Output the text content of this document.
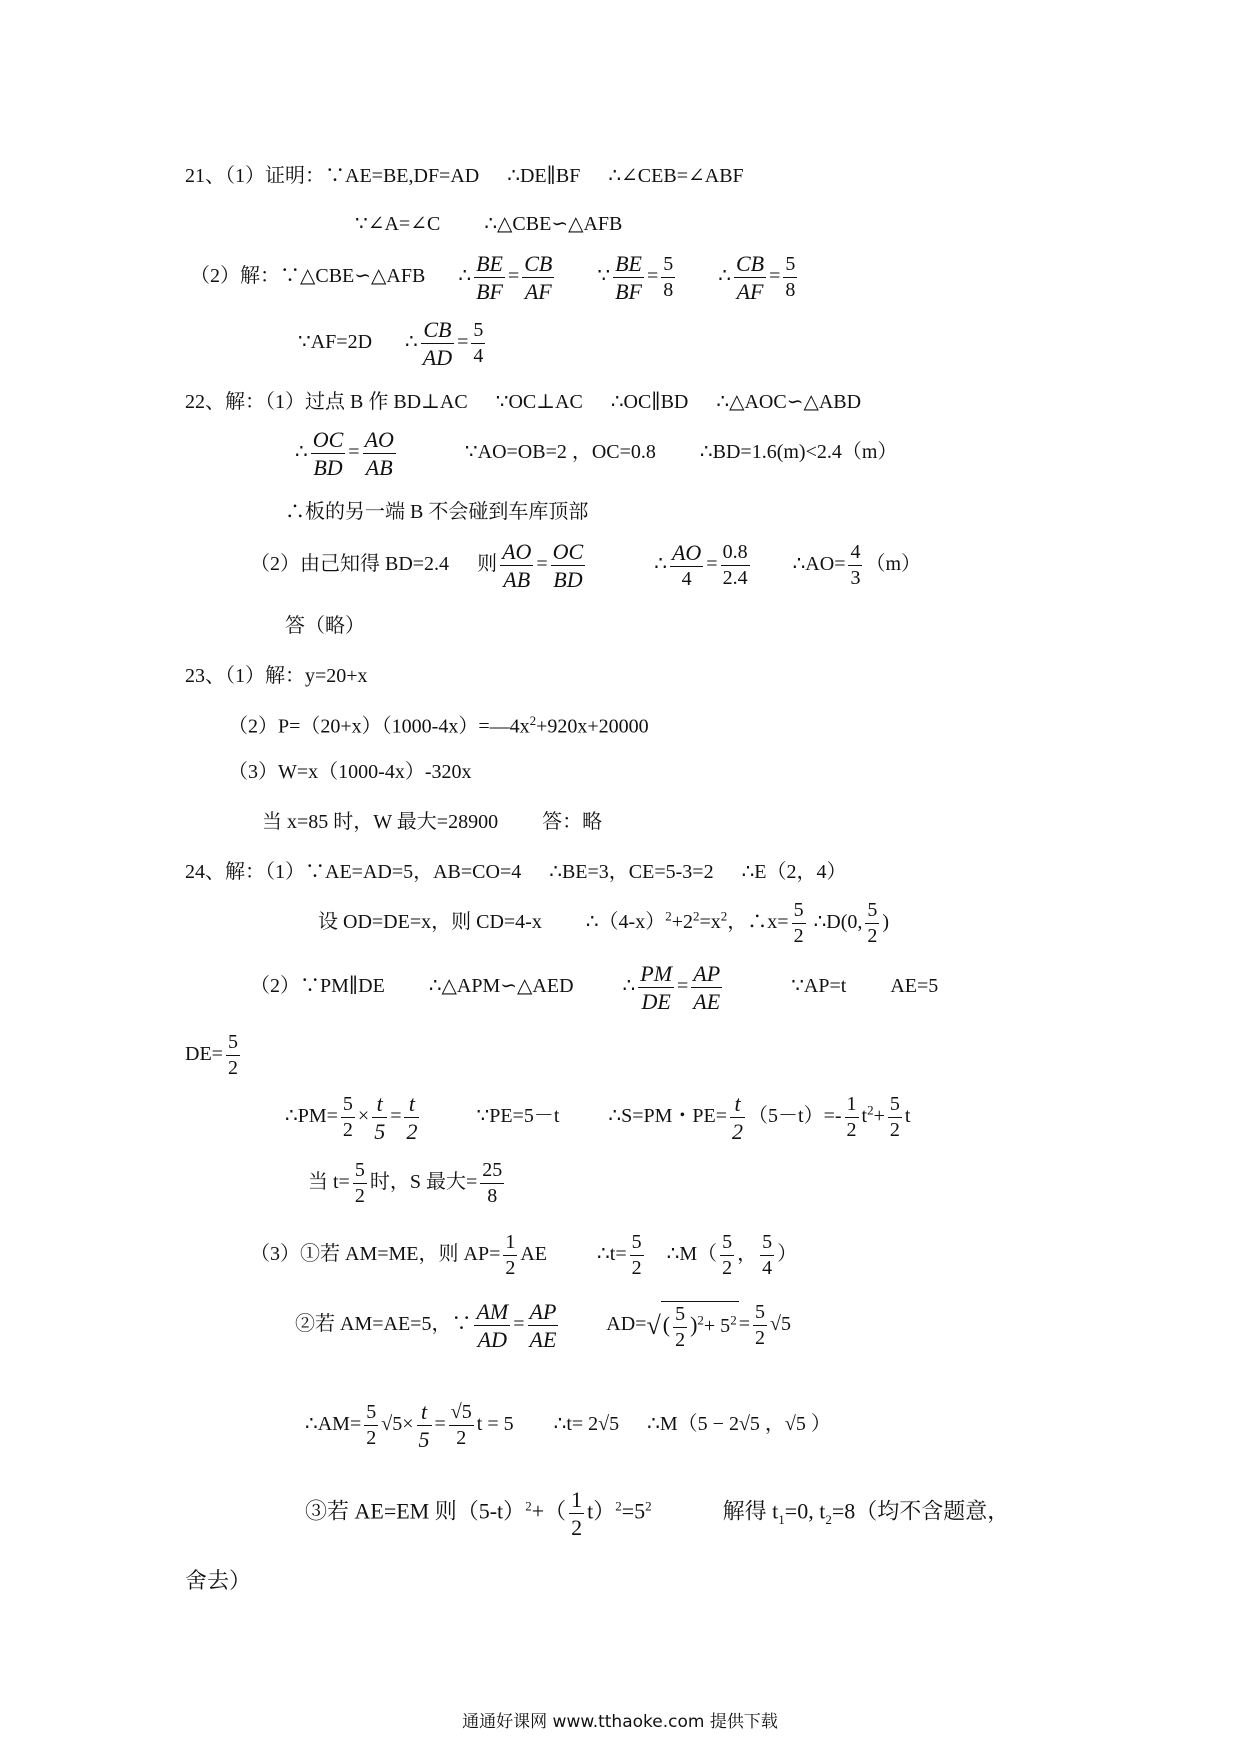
21、（1）证明：∵AE=BE,DF=AD ∴DE∥BF ∴∠CEB=∠ABF
∵∠A=∠C ∴△CBE∽△AFB
（2）解：∵△CBE∽△AFB ∴ $\frac{BE}{BF} = \frac{CB}{AF}$ ∵ $\frac{BE}{BF} = \frac{5}{8}$ ∴ $\frac{CB}{AF} = \frac{5}{8}$
∵AF=2D ∴ $\frac{CB}{AD} = \frac{5}{4}$
22、解：（1）过点 B 作 BD⊥AC ∵OC⊥AC ∴OC∥BD ∴△AOC∽△ABD
∴ $\frac{OC}{BD} = \frac{AO}{AB}$	∵AO=OB=2 ，OC=0.8 ∴BD=1.6(m)<2.4（m）
∴板的另一端 B 不会碰到车库顶部
（2）由己知得 BD=2.4 则 $\frac{AO}{AB} = \frac{OC}{BD}$	∴ $\frac{AO}{4} = \frac{0.8}{2.4}$ ∴AO= $\frac{4}{3} (m)$
答（略）
23、（1）解：y=20+x
$(2)P=(20+x)(1000-4x)=—4x^2+920x+20000$
（3）W=x（1000-4x）-320x
当 x=85 时，W 最大=28900 答：略
24、解：（1）∵AE=AD=5，AB=CO=4 ∴BE=3，CE=5-3=2 ∴E（2，4）
设 OD=DE=x，则 CD=4-x $\therefore(4-x)^2+2^2=x^2$，∴x= $\frac{5}{2}$ ∴D(0, $\frac{5}{2}$ )
（2）∵PM∥DE ∴△APM∽△AED ∴ $\frac{PM}{DE} = \frac{AP}{AE}$	∵AP=t AE=5
$DE= \frac{5}{2}$
∴PM= $\frac{5}{2} \times \frac{t}{5} = \frac{t}{2}$	∵PE=5－t ∴S=PM・$PE= \frac{t}{2} (5-t)=- \frac{1}{2} t^2+ \frac{5}{2}$ t
当 $t= \frac{5}{2}$ 时，S 最大= $\frac{25}{8}$
（3）①若 AM=ME，则 $AP= \frac{1}{2}$ AE	∴t= $\frac{5}{2}$ ∴M（ $\frac{5}{2}$ ， $\frac{5}{4}$ ）
②若 AM=AE=5，∵ $\frac{AM}{AD} = \frac{AP}{AE} AD=√( \frac{5}{2} )^2+ 5^2 = \frac{5}{2} √5$
∴AM= $\frac{5}{2} √5\times \frac{t}{5} = \frac{√5}{2}$ t = 5 ∴t= 2√5 ∴M（5 − 2√5 ，√5 ）
③若 AE=EM 则$(5-t)^2+( \frac{1}{2} t)^2=5^2$	解得 $t_1=0$, $t_2=8$（均不含题意，
舍去）
通通好课网 www.tthaoke.com 提供下载
